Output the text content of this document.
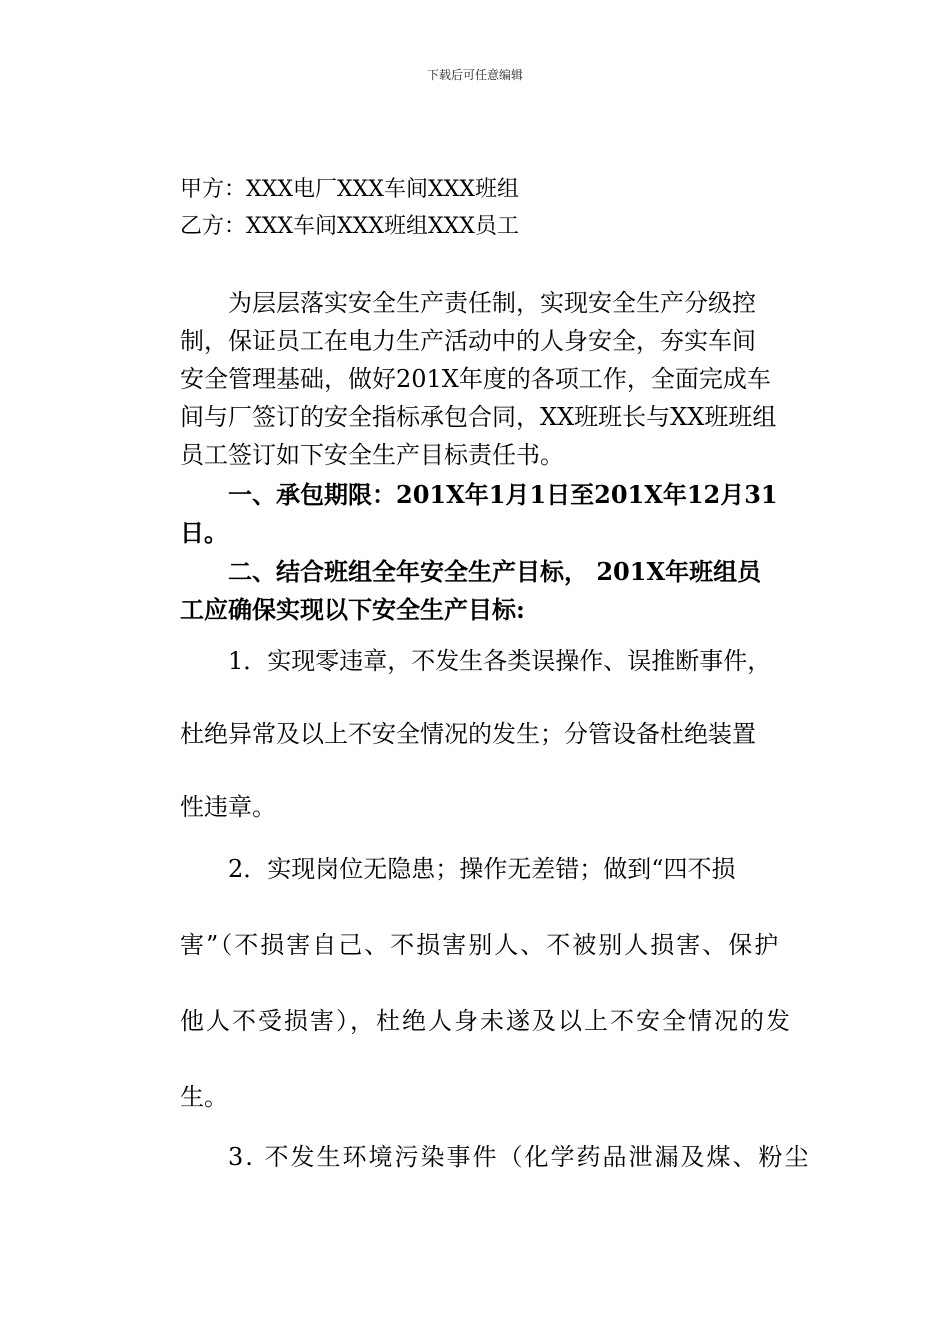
下载后可任意编辑
甲方：XXX电厂XXX车间XXX班组
乙方：XXX车间XXX班组XXX员工
为层层落实安全生产责任制，实现安全生产分级控
制，保证员工在电力生产活动中的人身安全，夯实车间
安全管理基础，做好201X年度的各项工作，全面完成车
间与厂签订的安全指标承包合同，XX班班长与XX班班组
员工签订如下安全生产目标责任书。
一、承包期限：201X年1月1日至201X年12月31
日。
二、结合班组全年安全生产目标， 201X年班组员
工应确保实现以下安全生产目标:
1．实现零违章，不发生各类误操作、误推断事件，
杜绝异常及以上不安全情况的发生；分管设备杜绝装置
性违章。
2．实现岗位无隐患；操作无差错；做到“四不损
害”（不损害自己、不损害别人、不被别人损害、保护
他人不受损害），杜绝人身未遂及以上不安全情况的发
生。
3. 不发生环境污染事件（化学药品泄漏及煤、粉尘
